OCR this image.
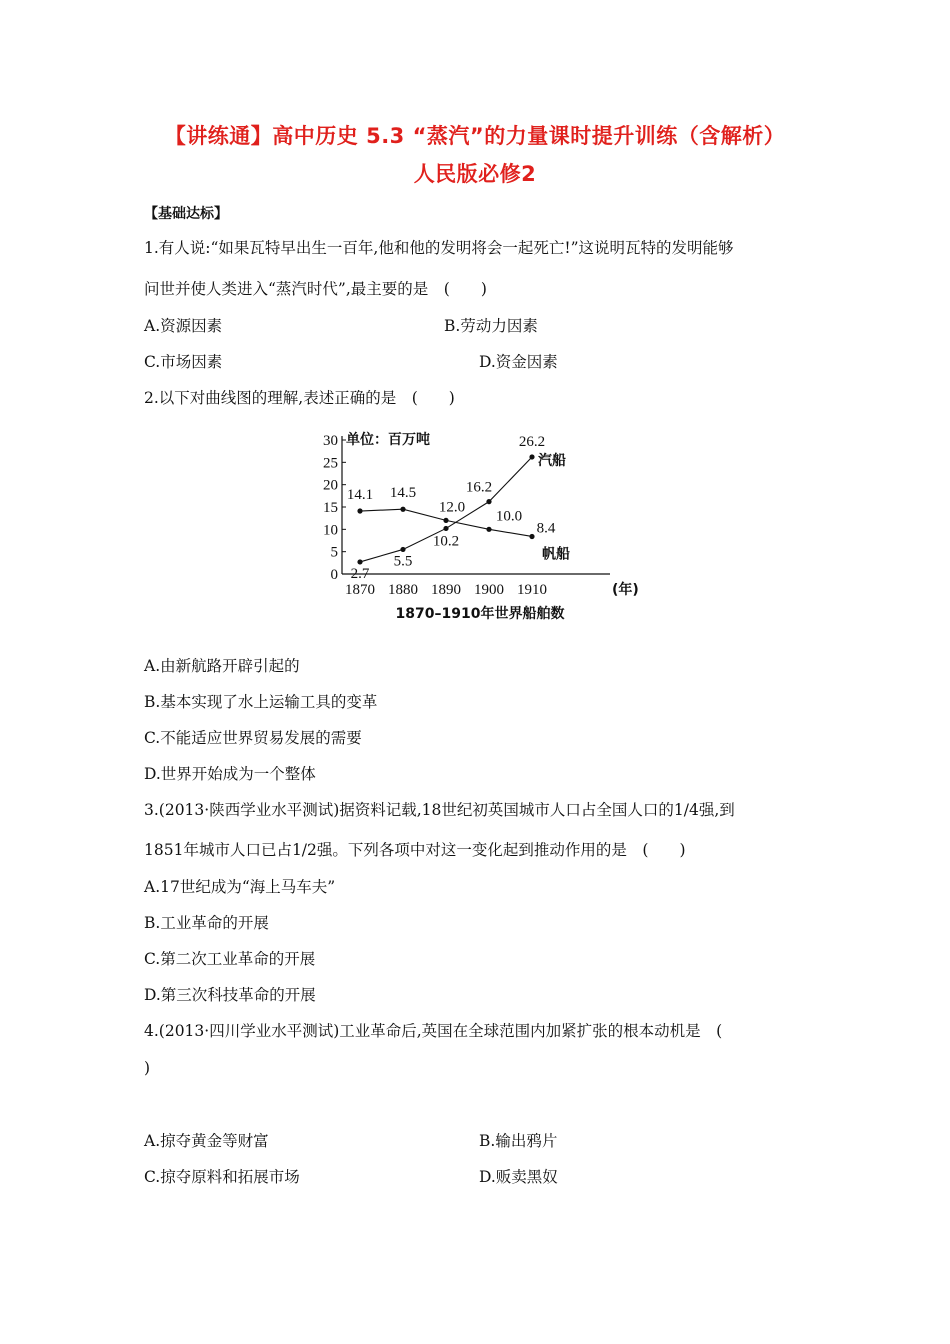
【讲练通】高中历史 5.3 “蒸汽”的力量课时提升训练（含解析）
人民版必修2
【基础达标】
1.有人说:“如果瓦特早出生一百年,他和他的发明将会一起死亡!”这说明瓦特的发明能够
问世并使人类进入“蒸汽时代”,最主要的是　(　　)
A.资源因素	B.劳动力因素
C.市场因素	D.资金因素
2.以下对曲线图的理解,表述正确的是　(　　)
0
5
10
15
20
25
30
1870 1880 1890 1900 1910
2.7
5.5
10.2
16.2
26.2
汽船
14.1 14.5
12.0
10.0
8.4
帆船
单位：百万吨
(年)
1870–1910年世界船舶数
A.由新航路开辟引起的
B.基本实现了水上运输工具的变革
C.不能适应世界贸易发展的需要
D.世界开始成为一个整体
3.(2013·陕西学业水平测试)据资料记载,18世纪初英国城市人口占全国人口的1/4强,到
1851年城市人口已占1/2强。下列各项中对这一变化起到推动作用的是　(　　)
A.17世纪成为“海上马车夫”
B.工业革命的开展
C.第二次工业革命的开展
D.第三次科技革命的开展
4.(2013·四川学业水平测试)工业革命后,英国在全球范围内加紧扩张的根本动机是　(
)
A.掠夺黄金等财富	B.输出鸦片
C.掠夺原料和拓展市场	D.贩卖黑奴
